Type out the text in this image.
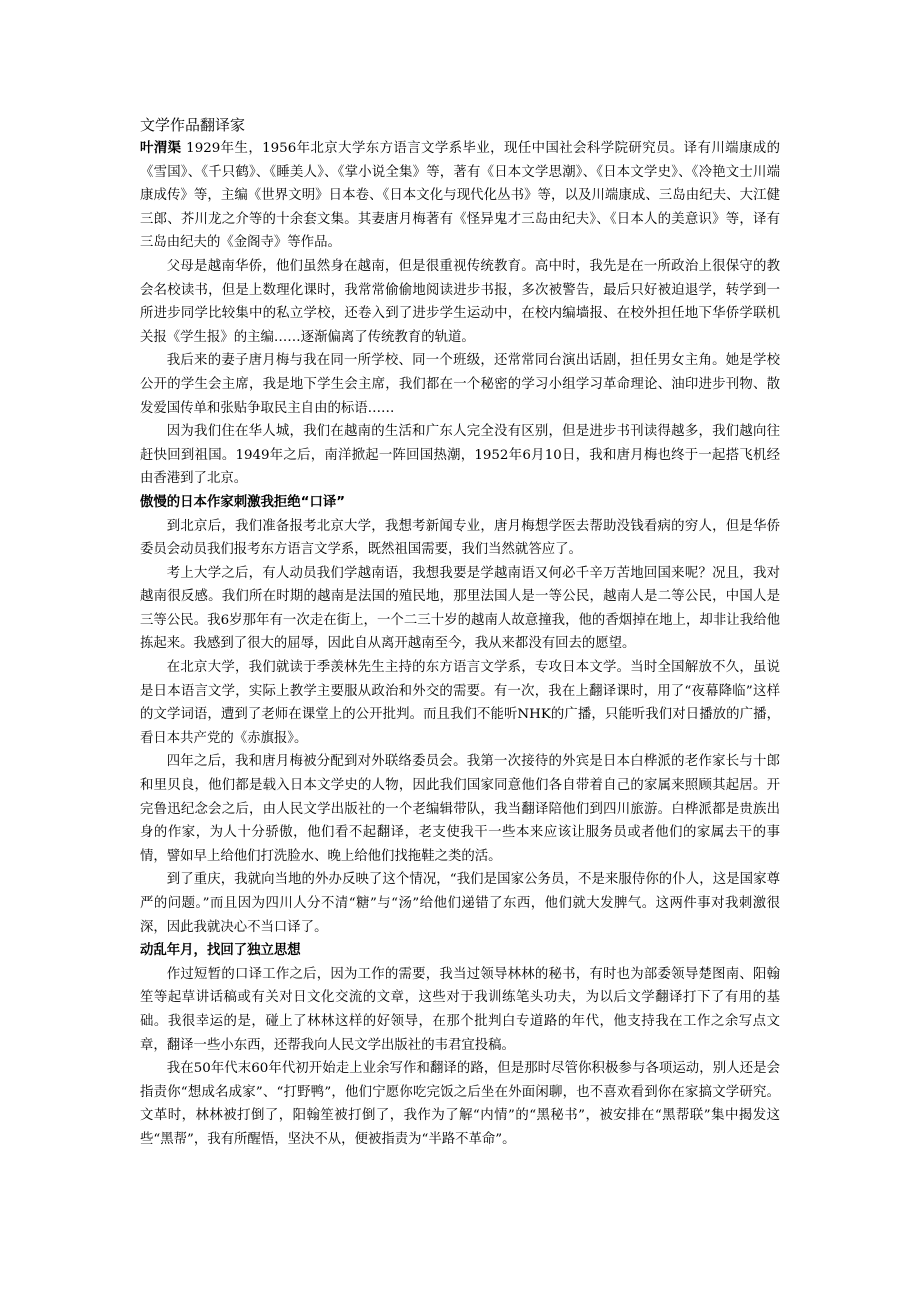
文学作品翻译家

叶渭渠 1929年生，1956年北京大学东方语言文学系毕业，现任中国社会科学院研究员。译有川端康成的《雪国》、《千只鹤》、《睡美人》、《掌小说全集》等，著有《日本文学思潮》、《日本文学史》、《冷艳文士川端康成传》等，主编《世界文明》日本卷、《日本文化与现代化丛书》等，以及川端康成、三岛由纪夫、大江健三郎、芥川龙之介等的十余套文集。其妻唐月梅著有《怪异鬼才三岛由纪夫》、《日本人的美意识》等，译有三岛由纪夫的《金阁寺》等作品。

父母是越南华侨，他们虽然身在越南，但是很重视传统教育。高中时，我先是在一所政治上很保守的教会名校读书，但是上数理化课时，我常常偷偷地阅读进步书报，多次被警告，最后只好被迫退学，转学到一所进步同学比较集中的私立学校，还卷入到了进步学生运动中，在校内编墙报、在校外担任地下华侨学联机关报《学生报》的主编……逐渐偏离了传统教育的轨道。

我后来的妻子唐月梅与我在同一所学校、同一个班级，还常常同台演出话剧，担任男女主角。她是学校公开的学生会主席，我是地下学生会主席，我们都在一个秘密的学习小组学习革命理论、油印进步刊物、散发爱国传单和张贴争取民主自由的标语……

因为我们住在华人城，我们在越南的生活和广东人完全没有区别，但是进步书刊读得越多，我们越向往赶快回到祖国。1949年之后，南洋掀起一阵回国热潮，1952年6月10日，我和唐月梅也终于一起搭飞机经由香港到了北京。

傲慢的日本作家刺激我拒绝“口译”

到北京后，我们准备报考北京大学，我想考新闻专业，唐月梅想学医去帮助没钱看病的穷人，但是华侨委员会动员我们报考东方语言文学系，既然祖国需要，我们当然就答应了。

考上大学之后，有人动员我们学越南语，我想我要是学越南语又何必千辛万苦地回国来呢？况且，我对越南很反感。我们所在时期的越南是法国的殖民地，那里法国人是一等公民，越南人是二等公民，中国人是三等公民。我6岁那年有一次走在街上，一个二三十岁的越南人故意撞我，他的香烟掉在地上，却非让我给他拣起来。我感到了很大的屈辱，因此自从离开越南至今，我从来都没有回去的愿望。

在北京大学，我们就读于季羡林先生主持的东方语言文学系，专攻日本文学。当时全国解放不久，虽说是日本语言文学，实际上教学主要服从政治和外交的需要。有一次，我在上翻译课时，用了“夜幕降临”这样的文学词语，遭到了老师在课堂上的公开批判。而且我们不能听NHK的广播，只能听我们对日播放的广播，看日本共产党的《赤旗报》。

四年之后，我和唐月梅被分配到对外联络委员会。我第一次接待的外宾是日本白桦派的老作家长与十郎和里贝良，他们都是载入日本文学史的人物，因此我们国家同意他们各自带着自己的家属来照顾其起居。开完鲁迅纪念会之后，由人民文学出版社的一个老编辑带队，我当翻译陪他们到四川旅游。白桦派都是贵族出身的作家，为人十分骄傲，他们看不起翻译，老支使我干一些本来应该让服务员或者他们的家属去干的事情，譬如早上给他们打洗脸水、晚上给他们找拖鞋之类的活。

到了重庆，我就向当地的外办反映了这个情况，“我们是国家公务员，不是来服侍你的仆人，这是国家尊严的问题。”而且因为四川人分不清“糖”与“汤”给他们递错了东西，他们就大发脾气。这两件事对我刺激很深，因此我就决心不当口译了。

动乱年月，找回了独立思想

作过短暂的口译工作之后，因为工作的需要，我当过领导林林的秘书，有时也为部委领导楚图南、阳翰笙等起草讲话稿或有关对日文化交流的文章，这些对于我训练笔头功夫，为以后文学翻译打下了有用的基础。我很幸运的是，碰上了林林这样的好领导，在那个批判白专道路的年代，他支持我在工作之余写点文章，翻译一些小东西，还帮我向人民文学出版社的韦君宜投稿。

我在50年代末60年代初开始走上业余写作和翻译的路，但是那时尽管你积极参与各项运动，别人还是会指责你“想成名成家”、“打野鸭”，他们宁愿你吃完饭之后坐在外面闲聊，也不喜欢看到你在家搞文学研究。文革时，林林被打倒了，阳翰笙被打倒了，我作为了解“内情”的“黑秘书”，被安排在“黑帮联”集中揭发这些“黑帮”，我有所醒悟，坚決不从，便被指责为“半路不革命”。
